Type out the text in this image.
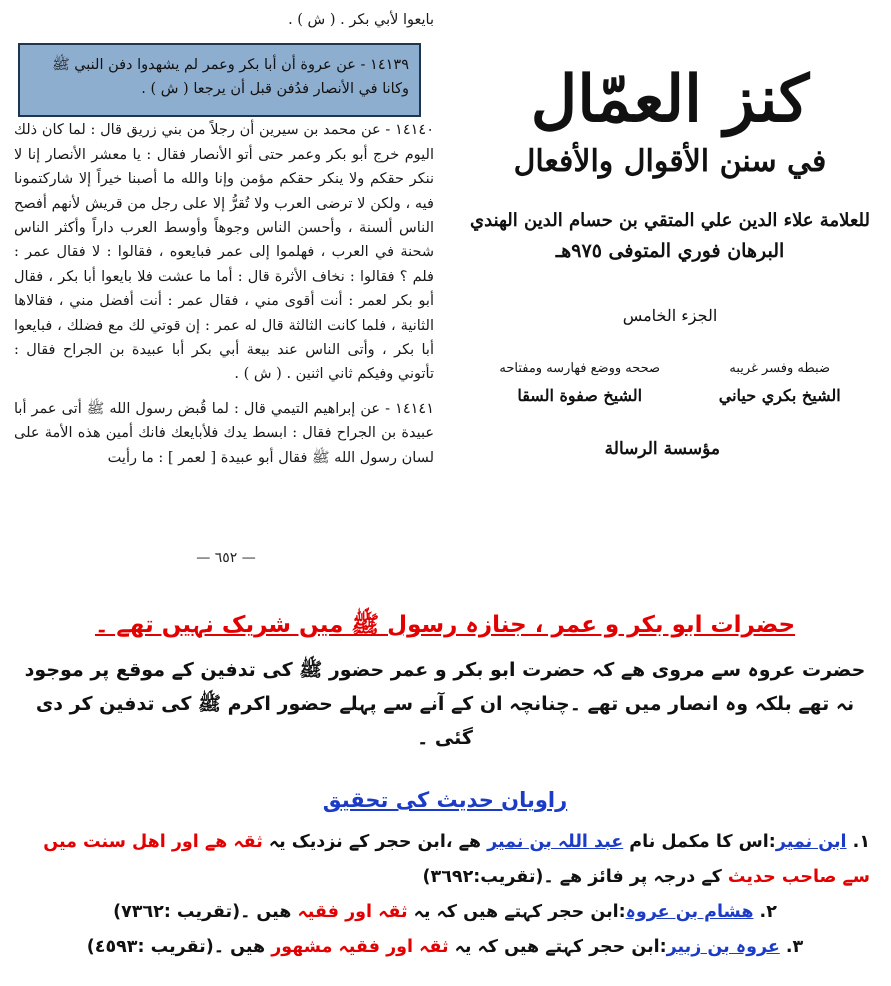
بايعوا لأبي بكر . ( ش ) .

١٤١٤٠ - عن محمد بن سيرين أن رجلاً من بني زريق قال : لما كان ذلك اليوم خرج أبو بكر وعمر حتى أتو الأنصار فقال : يا معشر الأنصار إنا لا ننكر حقكم ولا ينكر حقكم مؤمن وإنا والله ما أصبنا خيراً إلا شاركتمونا فيه ، ولكن لا ترضى العرب ولا تُقرُّ إلا على رجل من قريش لأنهم أفصح الناس ألسنة ، وأحسن الناس وجوهاً وأوسط العرب داراً وأكثر الناس شحنة في العرب ، فهلموا إلى عمر فبايعوه ، فقالوا : لا فقال عمر : فلم ؟ فقالوا : نخاف الأثرة قال : أما ما عشت فلا بايعوا أبا بكر ، فقال أبو بكر لعمر : أنت أقوى مني ، فقال عمر : أنت أفضل مني ، فقالاها الثانية ، فلما كانت الثالثة قال له عمر : إن قوتي لك مع فضلك ، فبايعوا أبا بكر ، وأتى الناس عند بيعة أبي بكر أبا عبيدة بن الجراح فقال : تأتوني وفيكم ثاني اثنين . ( ش ) .

١٤١٤١ - عن إبراهيم التيمي قال : لما قُبض رسول الله ﷺ أتى عمر أبا عبيدة بن الجراح فقال : ابسط يدك فلأبايعك فانك أمين هذه الأمة على لسان رسول الله ﷺ فقال أبو عبيدة [ لعمر ] : ما رأيت

١٤١٣٩ - عن عروة أن أبا بكر وعمر لم يشهدوا دفن النبي ﷺ وكانا في الأنصار فدُفن قبل أن يرجعا ( ش ) .
— ٦٥٢ —
كنز العمّال
في سنن الأقوال والأفعال
للعلامة علاء الدين علي المتقي بن حسام الدين الهندي
البرهان فوري المتوفى ٩٧٥هـ
الجزء الخامس
ضبطه وفسر غريبه
الشيخ بكري حياني
صححه ووضع فهارسه ومفتاحه
الشيخ صفوة السقا
مؤسسة الرسالة
حضرات ابو بکر و عمر ، جنازہ رسول ﷺ میں شریک نہیں تھے ۔
حضرت عروہ سے مروی ھے کہ حضرت ابو بکر و عمر حضور ﷺ کی تدفین کے موقع پر موجود نہ تھے بلکہ وہ انصار میں تھے ۔چنانچہ ان کے آنے سے پہلے حضور اکرم ﷺ کی تدفین کر دی گئی ۔
راویان حدیث کی تحقیق
١. ابن نمیر:اس کا مکمل نام عبد اللہ بن نمیر ھے ،ابن حجر کے نزدیک یہ ثقہ ھے اور اھل سنت میں سے صاحب حدیث کے درجہ پر فائز ھے ۔(تقریب:٣٦٩٢)
٢. ھشام بن عروہ:ابن حجر کہتے ھیں کہ یہ ثقہ اور فقیہ ھیں ۔(تقریب :٧٣٦٢)
٣. عروہ بن زبیر:ابن حجر کہتے ھیں کہ یہ ثقہ اور فقیہ مشھور ھیں ۔(تقریب :٤٥٩٣)
